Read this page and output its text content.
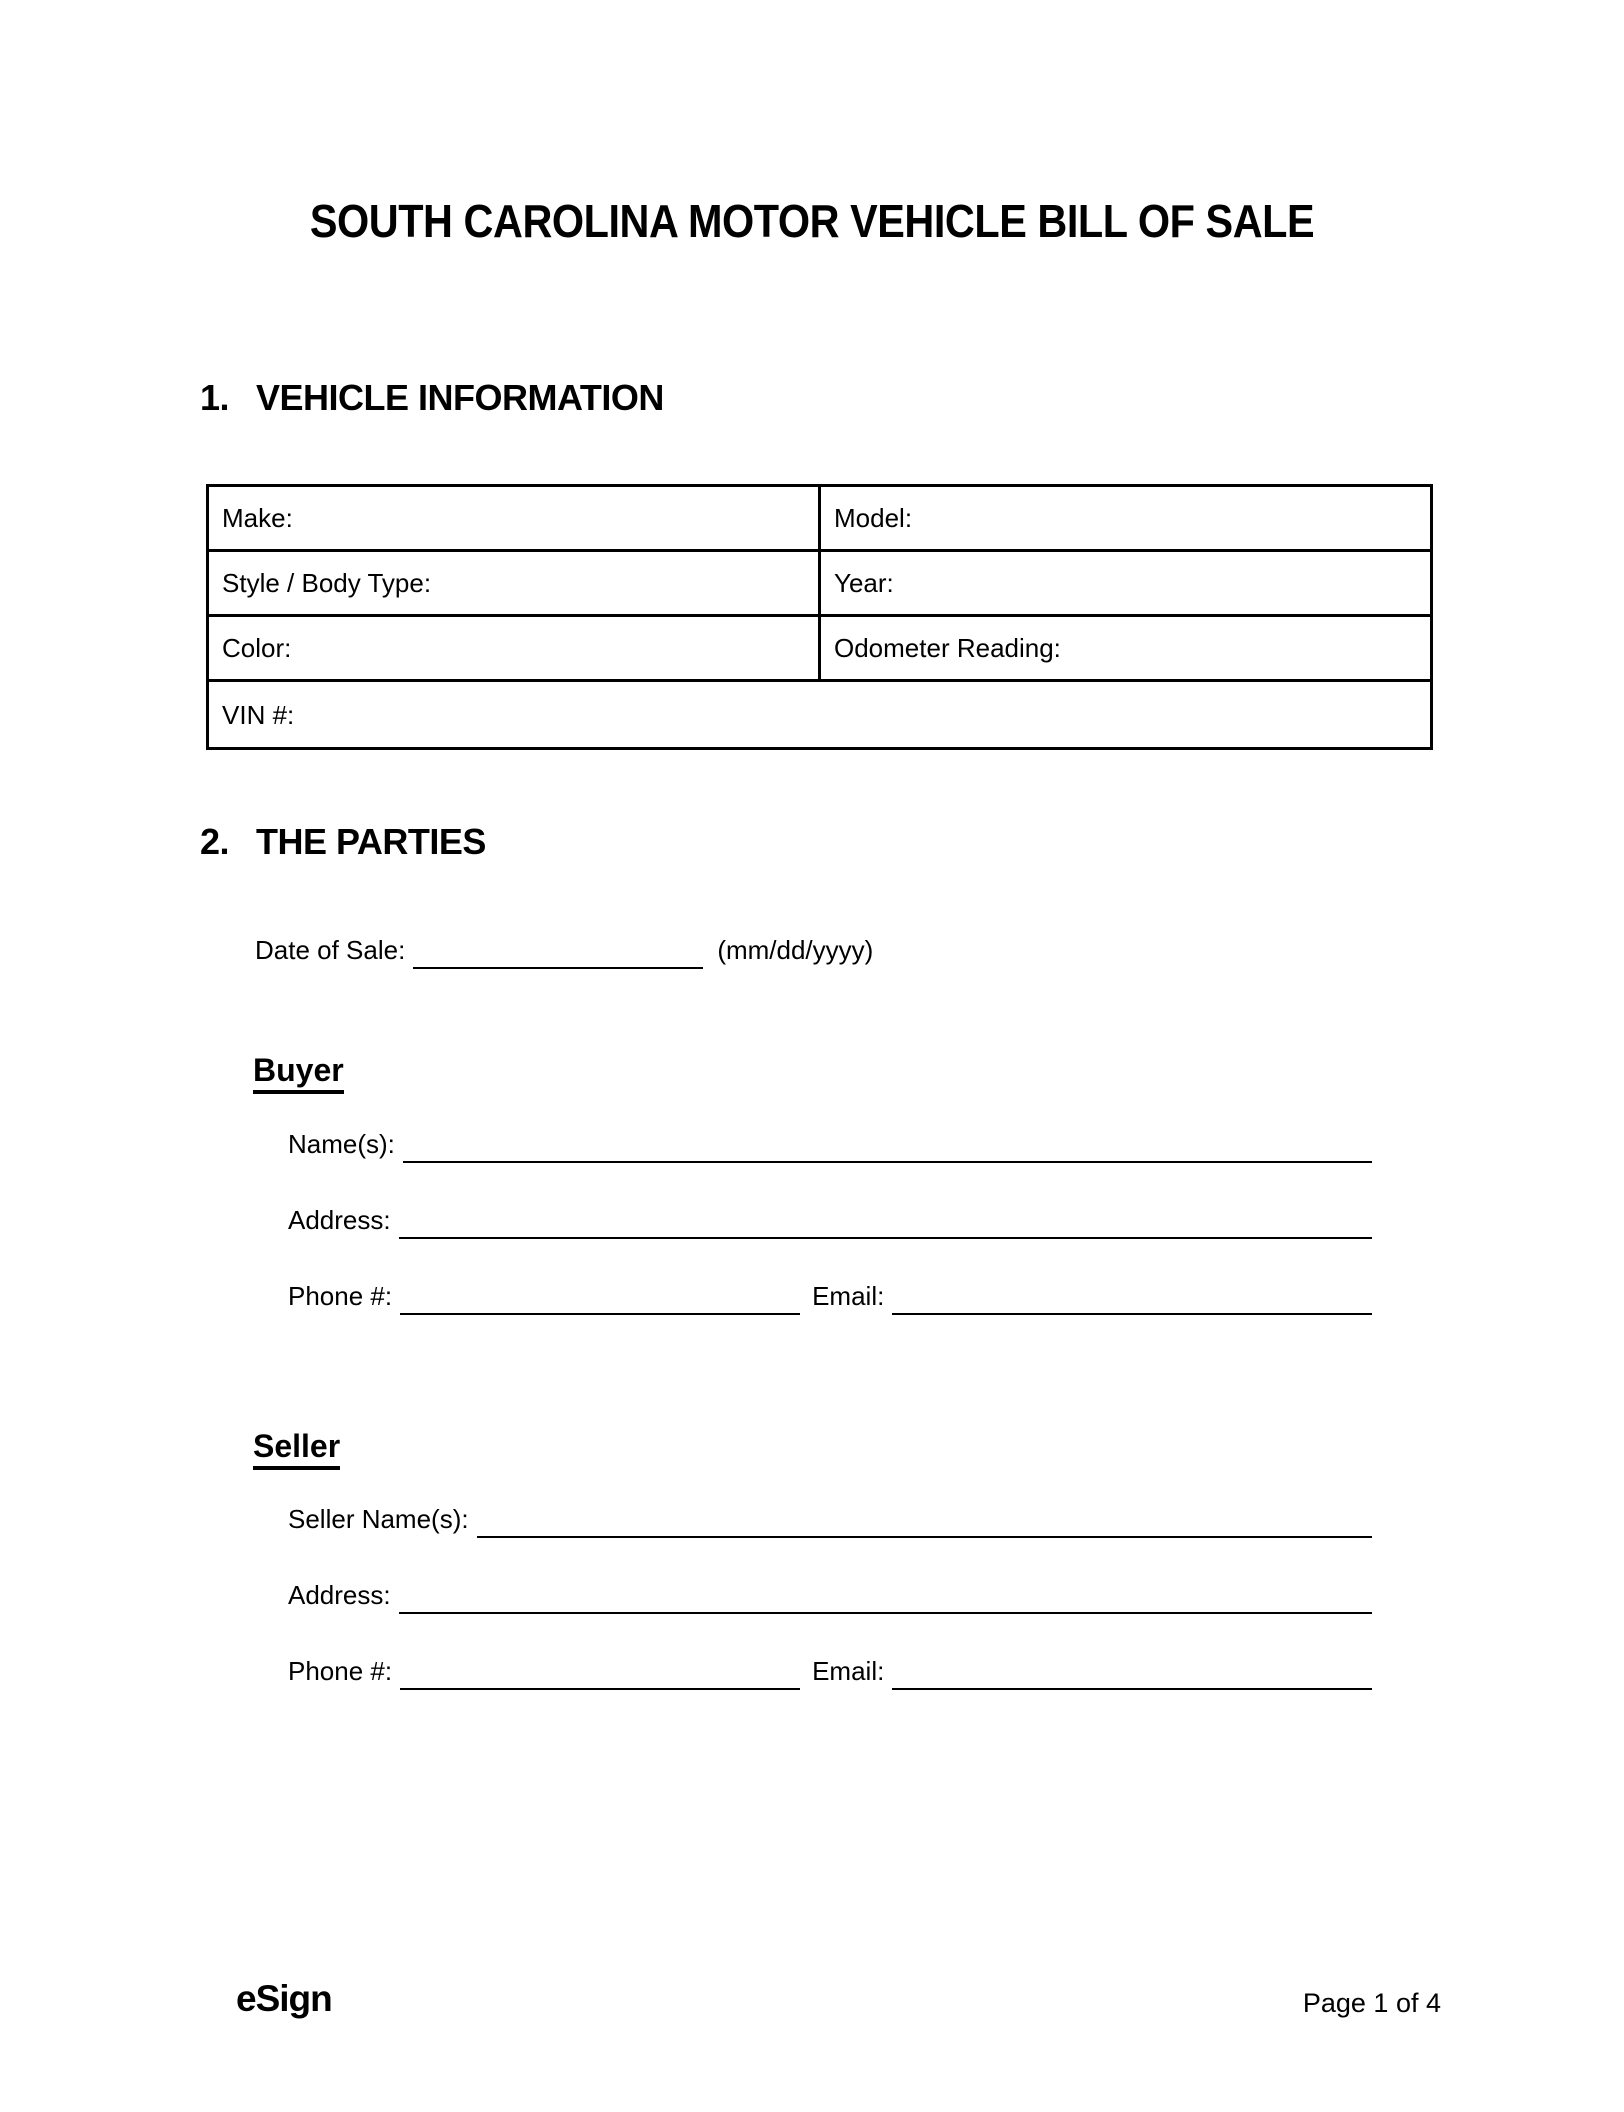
SOUTH CAROLINA MOTOR VEHICLE BILL OF SALE
1. VEHICLE INFORMATION
Make:	Model:
Style / Body Type:	Year:
Color:	Odometer Reading:
VIN #:
2. THE PARTIES
Date of Sale:	(mm/dd/yyyy)
Buyer
Name(s):
Address:
Phone #:	Email:
Seller
Seller Name(s):
Address:
Phone #:	Email:
eSign	Page 1 of 4
